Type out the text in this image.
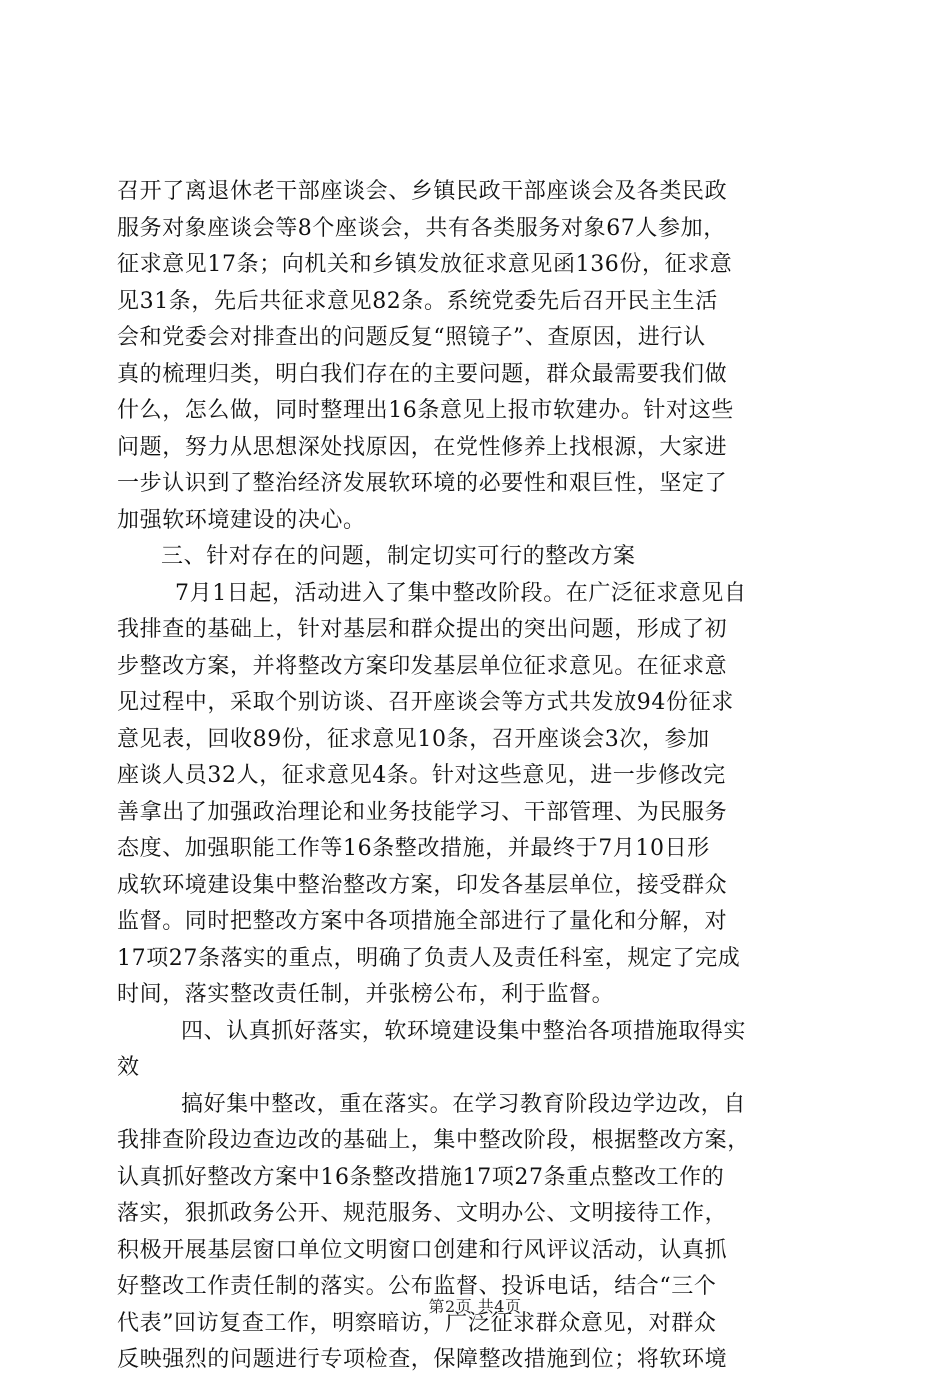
召开了离退休老干部座谈会、乡镇民政干部座谈会及各类民政
服务对象座谈会等8个座谈会，共有各类服务对象67人参加，
征求意见17条；向机关和乡镇发放征求意见函136份，征求意
见31条，先后共征求意见82条。系统党委先后召开民主生活
会和党委会对排查出的问题反复“照镜子”、查原因，进行认
真的梳理归类，明白我们存在的主要问题，群众最需要我们做
什么，怎么做，同时整理出16条意见上报市软建办。针对这些
问题，努力从思想深处找原因，在党性修养上找根源，大家进
一步认识到了整治经济发展软环境的必要性和艰巨性，坚定了
加强软环境建设的决心。
三、针对存在的问题，制定切实可行的整改方案
7月1日起，活动进入了集中整改阶段。在广泛征求意见自
我排查的基础上，针对基层和群众提出的突出问题，形成了初
步整改方案，并将整改方案印发基层单位征求意见。在征求意
见过程中，采取个别访谈、召开座谈会等方式共发放94份征求
意见表，回收89份，征求意见10条，召开座谈会3次，参加
座谈人员32人，征求意见4条。针对这些意见，进一步修改完
善拿出了加强政治理论和业务技能学习、干部管理、为民服务
态度、加强职能工作等16条整改措施，并最终于7月10日形
成软环境建设集中整治整改方案，印发各基层单位，接受群众
监督。同时把整改方案中各项措施全部进行了量化和分解，对
17项27条落实的重点，明确了负责人及责任科室，规定了完成
时间，落实整改责任制，并张榜公布，利于监督。
四、认真抓好落实，软环境建设集中整治各项措施取得实
效
搞好集中整改，重在落实。在学习教育阶段边学边改，自
我排查阶段边查边改的基础上，集中整改阶段，根据整改方案，
认真抓好整改方案中16条整改措施17项27条重点整改工作的
落实，狠抓政务公开、规范服务、文明办公、文明接待工作，
积极开展基层窗口单位文明窗口创建和行风评议活动，认真抓
好整改工作责任制的落实。公布监督、投诉电话，结合“三个
代表”回访复查工作，明察暗访，广泛征求群众意见，对群众
反映强烈的问题进行专项检查，保障整改措施到位；将软环境
第2页 共4页
